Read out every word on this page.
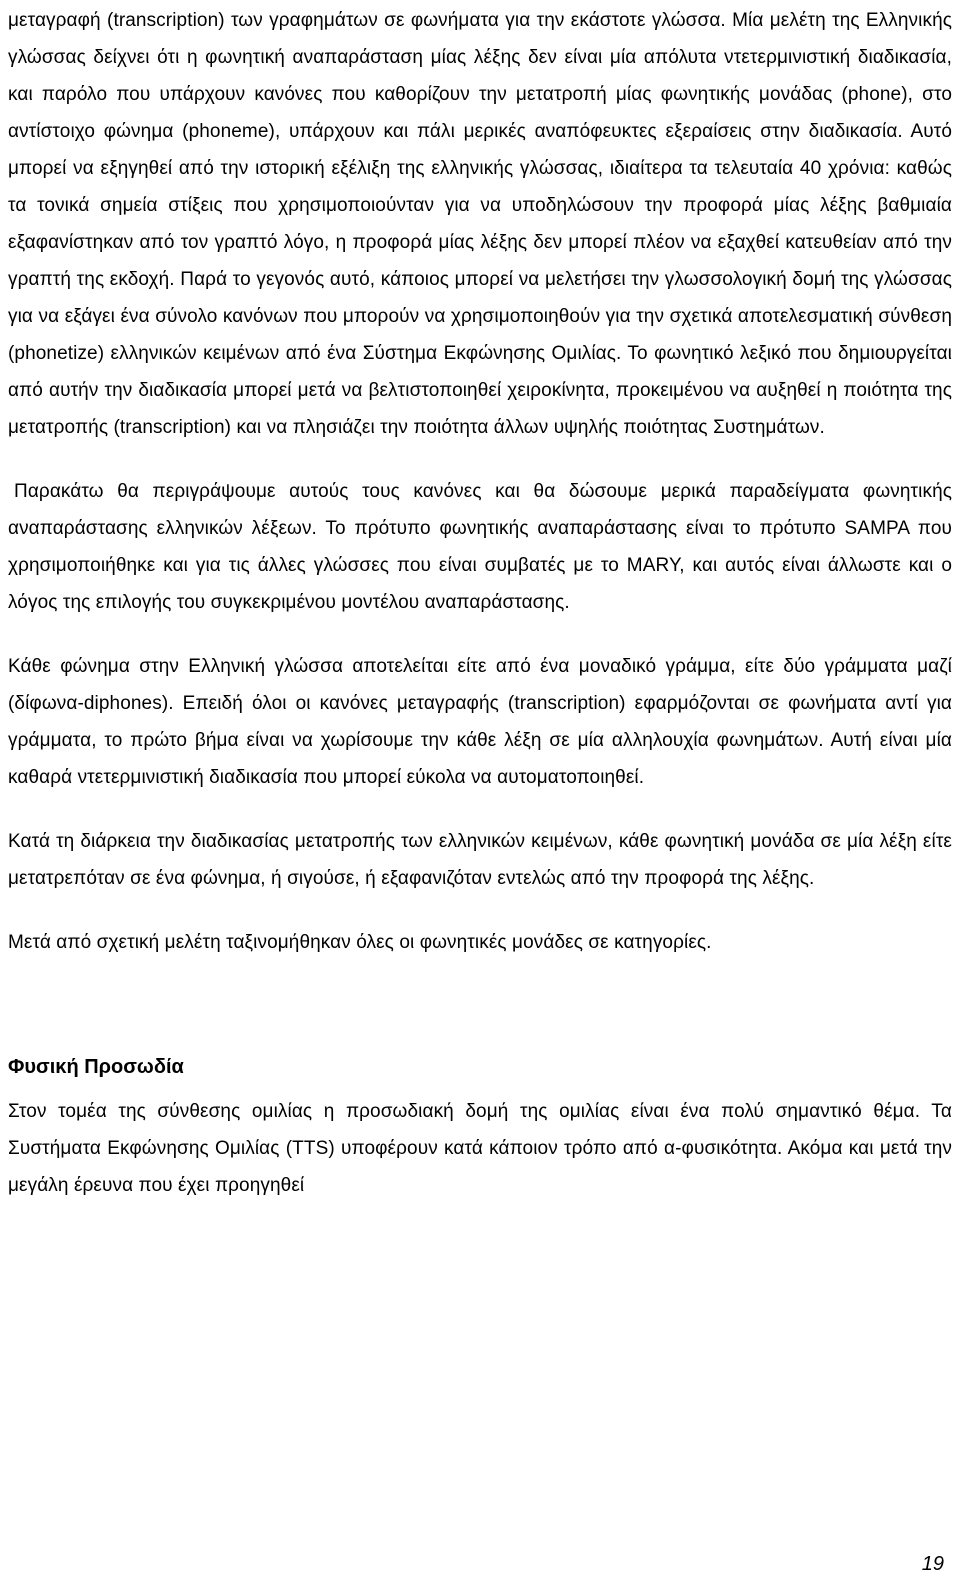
μεταγραφή (transcription) των γραφημάτων σε φωνήματα για την εκάστοτε γλώσσα. Μία μελέτη της Ελληνικής γλώσσας δείχνει ότι η φωνητική αναπαράσταση μίας λέξης δεν είναι μία απόλυτα ντετερμινιστική διαδικασία, και παρόλο που υπάρχουν κανόνες που καθορίζουν την μετατροπή μίας φωνητικής μονάδας (phone), στο αντίστοιχο φώνημα (phoneme), υπάρχουν και πάλι μερικές αναπόφευκτες εξεραίσεις στην διαδικασία. Αυτό μπορεί να εξηγηθεί από την ιστορική εξέλιξη της ελληνικής γλώσσας, ιδιαίτερα τα τελευταία 40 χρόνια: καθώς τα τονικά σημεία στίξεις που χρησιμοποιούνταν για να υποδηλώσουν την προφορά μίας λέξης βαθμιαία εξαφανίστηκαν από τον γραπτό λόγο, η προφορά μίας λέξης δεν μπορεί πλέον να εξαχθεί κατευθείαν από την γραπτή της εκδοχή. Παρά το γεγονός αυτό, κάποιος μπορεί να μελετήσει την γλωσσολογική δομή της γλώσσας για να εξάγει ένα σύνολο κανόνων που μπορούν να χρησιμοποιηθούν για την σχετικά αποτελεσματική σύνθεση (phonetize) ελληνικών κειμένων από ένα Σύστημα Εκφώνησης Ομιλίας. Το φωνητικό λεξικό που δημιουργείται από αυτήν την διαδικασία μπορεί μετά να βελτιστοποιηθεί χειροκίνητα, προκειμένου να αυξηθεί η ποιότητα της μετατροπής (transcription) και να πλησιάζει την ποιότητα άλλων υψηλής ποιότητας Συστημάτων.

Παρακάτω θα περιγράψουμε αυτούς τους κανόνες και θα δώσουμε μερικά παραδείγματα φωνητικής αναπαράστασης ελληνικών λέξεων. Το πρότυπο φωνητικής αναπαράστασης είναι το πρότυπο SAMPA που χρησιμοποιήθηκε και για τις άλλες γλώσσες που είναι συμβατές με το MARY, και αυτός είναι άλλωστε και ο λόγος της επιλογής του συγκεκριμένου μοντέλου αναπαράστασης.

Κάθε φώνημα στην Ελληνική γλώσσα αποτελείται είτε από ένα μοναδικό γράμμα, είτε δύο γράμματα μαζί (δίφωνα-diphones). Επειδή όλοι οι κανόνες μεταγραφής (transcription) εφαρμόζονται σε φωνήματα αντί για γράμματα, το πρώτο βήμα είναι να χωρίσουμε την κάθε λέξη σε μία αλληλουχία φωνημάτων. Αυτή είναι μία καθαρά ντετερμινιστική διαδικασία που μπορεί εύκολα να αυτοματοποιηθεί.

Κατά τη διάρκεια την διαδικασίας μετατροπής των ελληνικών κειμένων, κάθε φωνητική μονάδα σε μία λέξη είτε μετατρεπόταν σε ένα φώνημα, ή σιγούσε, ή εξαφανιζόταν εντελώς από την προφορά της λέξης.

Μετά από σχετική μελέτη ταξινομήθηκαν όλες οι φωνητικές μονάδες σε κατηγορίες.

Φυσική Προσωδία

Στον τομέα της σύνθεσης ομιλίας η προσωδιακή δομή της ομιλίας είναι ένα πολύ σημαντικό θέμα. Τα Συστήματα Εκφώνησης Ομιλίας (TTS) υποφέρουν κατά κάποιον τρόπο από α-φυσικότητα. Ακόμα και μετά την μεγάλη έρευνα που έχει προηγηθεί

19
